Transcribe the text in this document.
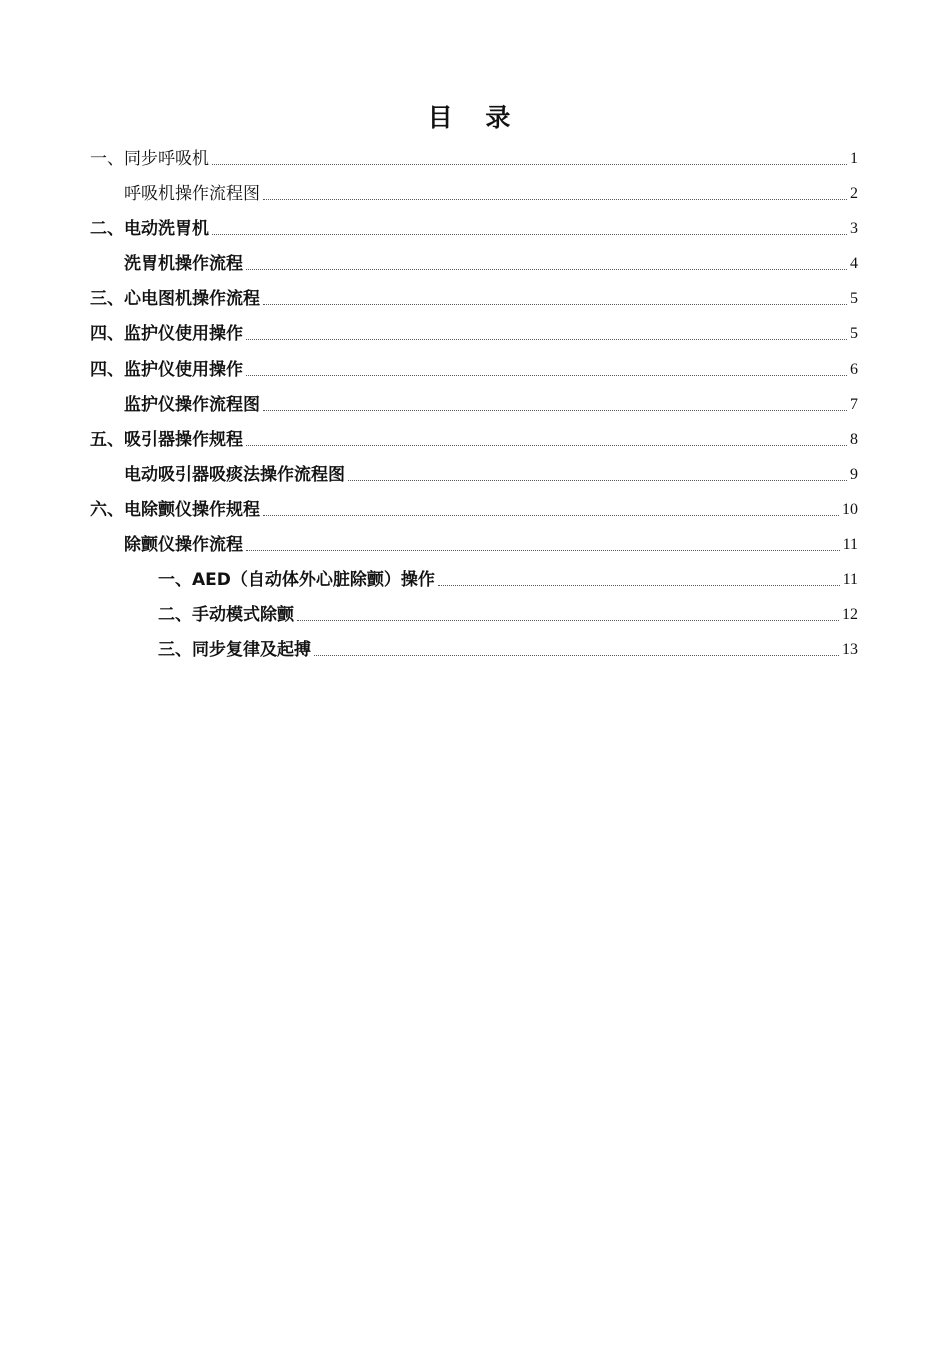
目 录
一、同步呼吸机	1
呼吸机操作流程图	2
二、电动洗胃机	3
洗胃机操作流程	4
三、心电图机操作流程	5
四、监护仪使用操作	5
四、监护仪使用操作	6
监护仪操作流程图	7
五、吸引器操作规程	8
电动吸引器吸痰法操作流程图	9
六、电除颤仪操作规程	10
除颤仪操作流程	11
一、AED（自动体外心脏除颤）操作	11
二、手动模式除颤	12
三、同步复律及起搏	13
